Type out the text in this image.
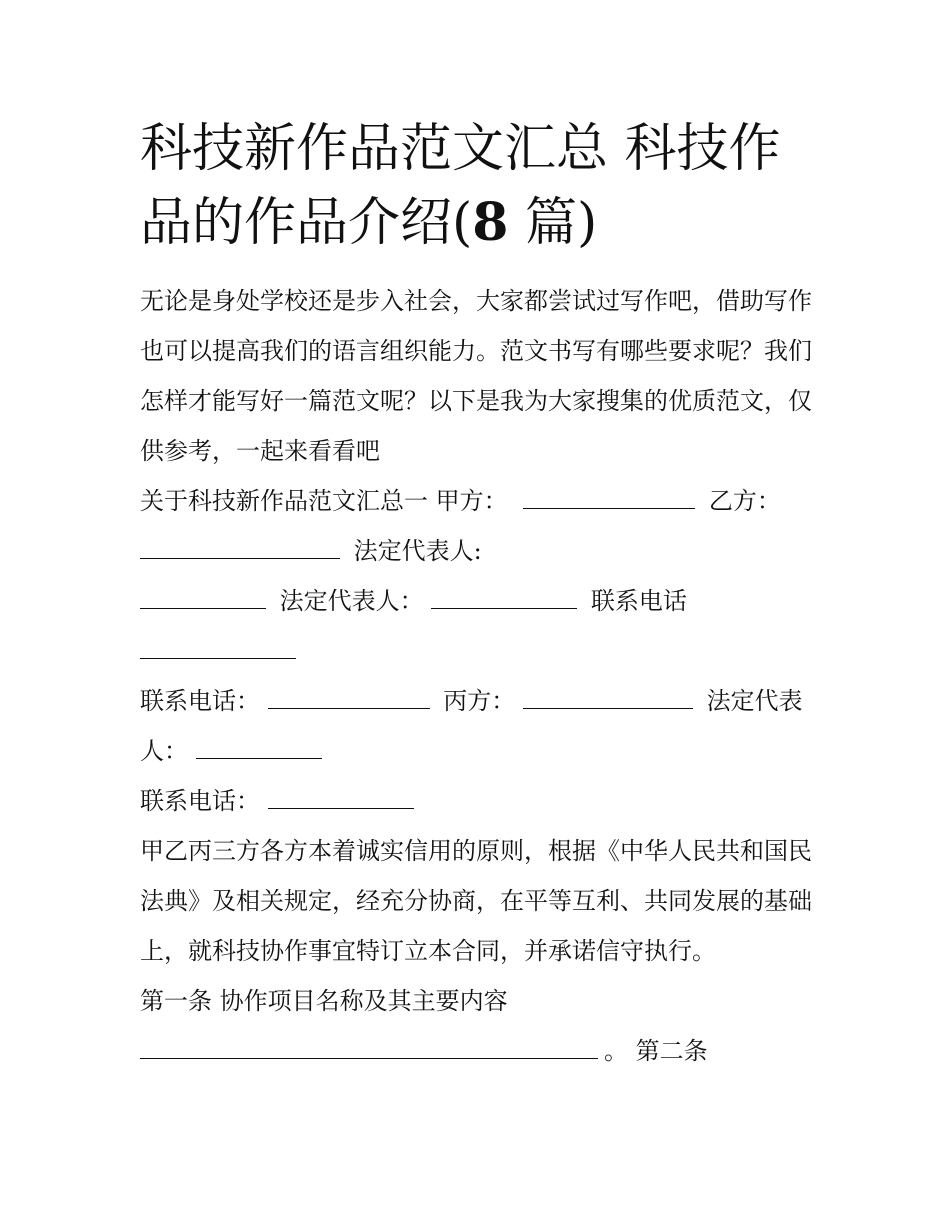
科技新作品范文汇总 科技作品的作品介绍(8 篇)

无论是身处学校还是步入社会，大家都尝试过写作吧，借助写作也可以提高我们的语言组织能力。范文书写有哪些要求呢？我们怎样才能写好一篇范文呢？以下是我为大家搜集的优质范文，仅供参考，一起来看看吧

关于科技新作品范文汇总一 甲方：	乙方：
法定代表人:
法定代表人：	联系电话
联系电话：	丙方：	法定代表
人：
联系电话：

甲乙丙三方各方本着诚实信用的原则，根据《中华人民共和国民法典》及相关规定，经充分协商，在平等互利、共同发展的基础上，就科技协作事宜特订立本合同，并承诺信守执行。

第一条 协作项目名称及其主要内容
。 第二条
